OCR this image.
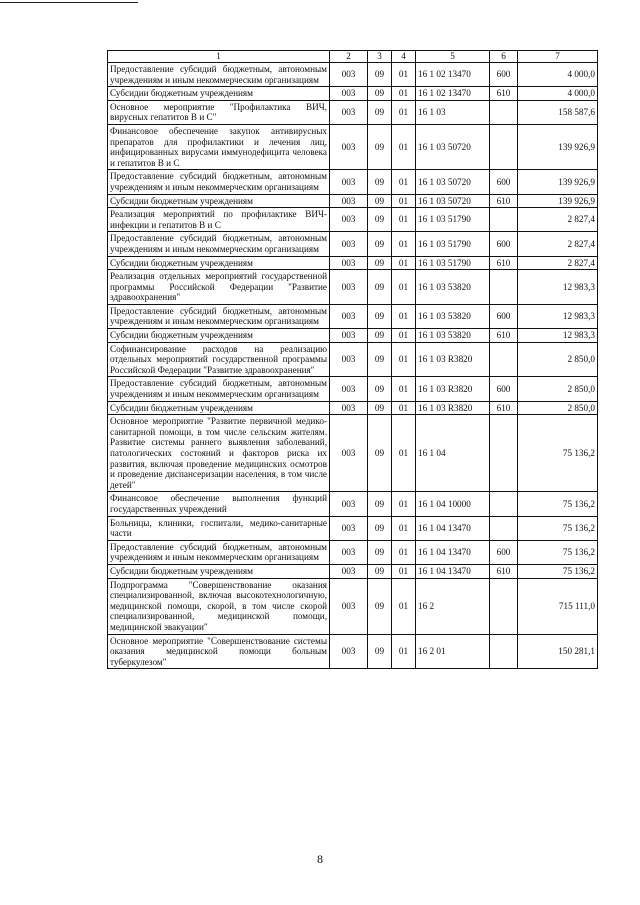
1	2	3	4	5	6	7
Предоставление субсидий бюджетным, автономным учреждениям и иным некоммерческим организациям	003	09	01	16 1 02 13470	600	4 000,0
Субсидии бюджетным учреждениям	003	09	01	16 1 02 13470	610	4 000,0
Основное мероприятие "Профилактика ВИЧ, вирусных гепатитов В и С"	003	09	01	16 1 03		158 587,6
Финансовое обеспечение закупок антивирусных препаратов для профилактики и лечения лиц, инфицированных вирусами иммунодефицита человека и гепатитов В и С	003	09	01	16 1 03 50720		139 926,9
Предоставление субсидий бюджетным, автономным учреждениям и иным некоммерческим организациям	003	09	01	16 1 03 50720	600	139 926,9
Субсидии бюджетным учреждениям	003	09	01	16 1 03 50720	610	139 926,9
Реализация мероприятий по профилактике ВИЧ-инфекции и гепатитов В и С	003	09	01	16 1 03 51790		2 827,4
Предоставление субсидий бюджетным, автономным учреждениям и иным некоммерческим организациям	003	09	01	16 1 03 51790	600	2 827,4
Субсидии бюджетным учреждениям	003	09	01	16 1 03 51790	610	2 827,4
Реализация отдельных мероприятий государственной программы Российской Федерации "Развитие здравоохранения"	003	09	01	16 1 03 53820		12 983,3
Предоставление субсидий бюджетным, автономным учреждениям и иным некоммерческим организациям	003	09	01	16 1 03 53820	600	12 983,3
Субсидии бюджетным учреждениям	003	09	01	16 1 03 53820	610	12 983,3
Софинансирование расходов на реализацию отдельных мероприятий государственной программы Российской Федерации "Развитие здравоохранения"	003	09	01	16 1 03 R3820		2 850,0
Предоставление субсидий бюджетным, автономным учреждениям и иным некоммерческим организациям	003	09	01	16 1 03 R3820	600	2 850,0
Субсидии бюджетным учреждениям	003	09	01	16 1 03 R3820	610	2 850,0
Основное мероприятие "Развитие первичной медико-санитарной помощи, в том числе сельским жителям. Развитие системы раннего выявления заболеваний, патологических состояний и факторов риска их развития, включая проведение медицинских осмотров и проведение диспансеризации населения, в том числе детей"	003	09	01	16 1 04		75 136,2
Финансовое обеспечение выполнения функций государственных учреждений	003	09	01	16 1 04 10000		75 136,2
Больницы, клиники, госпитали, медико-санитарные части	003	09	01	16 1 04 13470		75 136,2
Предоставление субсидий бюджетным, автономным учреждениям и иным некоммерческим организациям	003	09	01	16 1 04 13470	600	75 136,2
Субсидии бюджетным учреждениям	003	09	01	16 1 04 13470	610	75 136,2
Подпрограмма "Совершенствование оказания специализированной, включая высокотехнологичную, медицинской помощи, скорой, в том числе скорой специализированной, медицинской помощи, медицинской эвакуации"	003	09	01	16 2		715 111,0
Основное мероприятие "Совершенствование системы оказания медицинской помощи больным туберкулезом"	003	09	01	16 2 01		150 281,1
8
